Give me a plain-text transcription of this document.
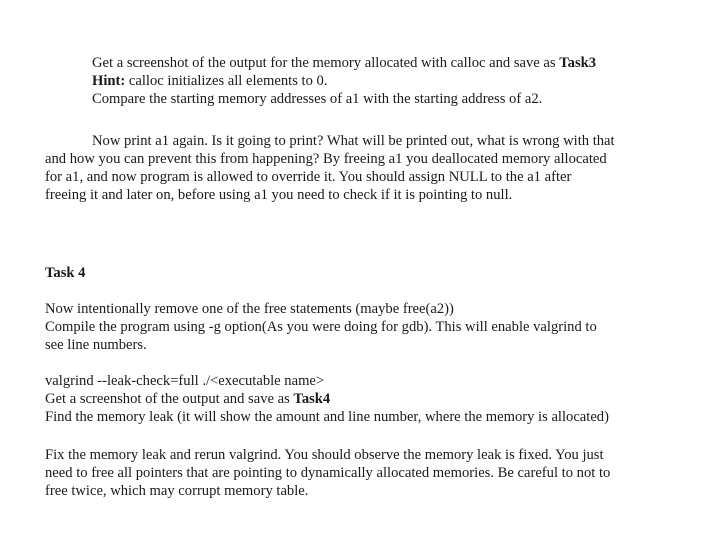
Get a screenshot of the output for the memory allocated with calloc and save as Task3
Hint: calloc initializes all elements to 0.
Compare the starting memory addresses of a1 with the starting address of a2.
Now print a1 again. Is it going to print? What will be printed out, what is wrong with that
and how you can prevent this from happening? By freeing a1 you deallocated memory allocated
for a1, and now program is allowed to override it. You should assign NULL to the a1 after
freeing it and later on, before using a1 you need to check if it is pointing to null.
Task 4
Now intentionally remove one of the free statements (maybe free(a2))
Compile the program using -g option(As you were doing for gdb). This will enable valgrind to
see line numbers.
valgrind --leak-check=full ./<executable name>
Get a screenshot of the output and save as Task4
Find the memory leak (it will show the amount and line number, where the memory is allocated)
Fix the memory leak and rerun valgrind. You should observe the memory leak is fixed. You just
need to free all pointers that are pointing to dynamically allocated memories. Be careful to not to
free twice, which may corrupt memory table.
